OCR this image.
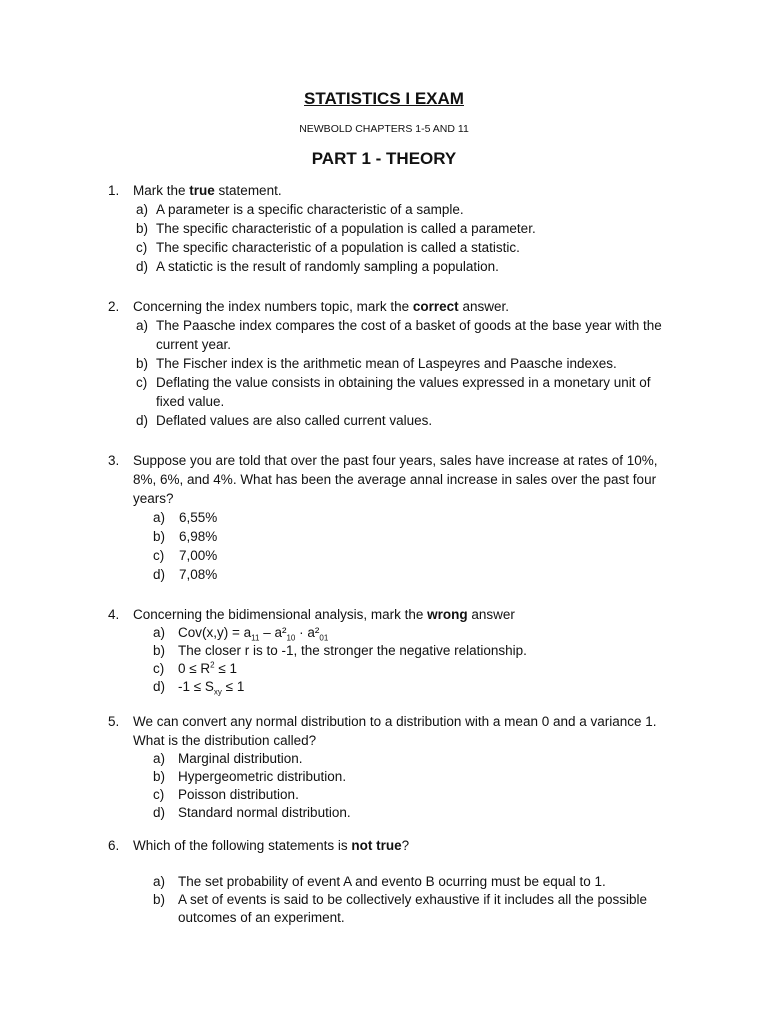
STATISTICS I EXAM
NEWBOLD CHAPTERS 1-5 AND 11
PART 1 - THEORY
1.	Mark the true statement.
a) A parameter is a specific characteristic of a sample.
b) The specific characteristic of a population is called a parameter.
c) The specific characteristic of a population is called a statistic.
d) A statictic is the result of randomly sampling a population.
2.	Concerning the index numbers topic, mark the correct answer.
a) The Paasche index compares the cost of a basket of goods at the base year with the current year.
b) The Fischer index is the arithmetic mean of Laspeyres and Paasche indexes.
c) Deflating the value consists in obtaining the values expressed in a monetary unit of fixed value.
d) Deflated values are also called current values.
3.	Suppose you are told that over the past four years, sales have increase at rates of 10%, 8%, 6%, and 4%. What has been the average annal increase in sales over the past four years?
a) 6,55%
b) 6,98%
c) 7,00%
d) 7,08%
4.	Concerning the bidimensional analysis, mark the wrong answer
a) $Cov(x,y) = a_{11} - a^2_{10} \cdot a^2_{01}$
b) The closer r is to -1, the stronger the negative relationship.
c) $0 \le R^2 \le 1$
d) $-1 \le S_{xy} \le 1$
5.	We can convert any normal distribution to a distribution with a mean 0 and a variance 1. What is the distribution called?
a) Marginal distribution.
b) Hypergeometric distribution.
c) Poisson distribution.
d) Standard normal distribution.
6.	Which of the following statements is not true?
a) The set probability of event A and evento B ocurring must be equal to 1.
b) A set of events is said to be collectively exhaustive if it includes all the possible outcomes of an experiment.
